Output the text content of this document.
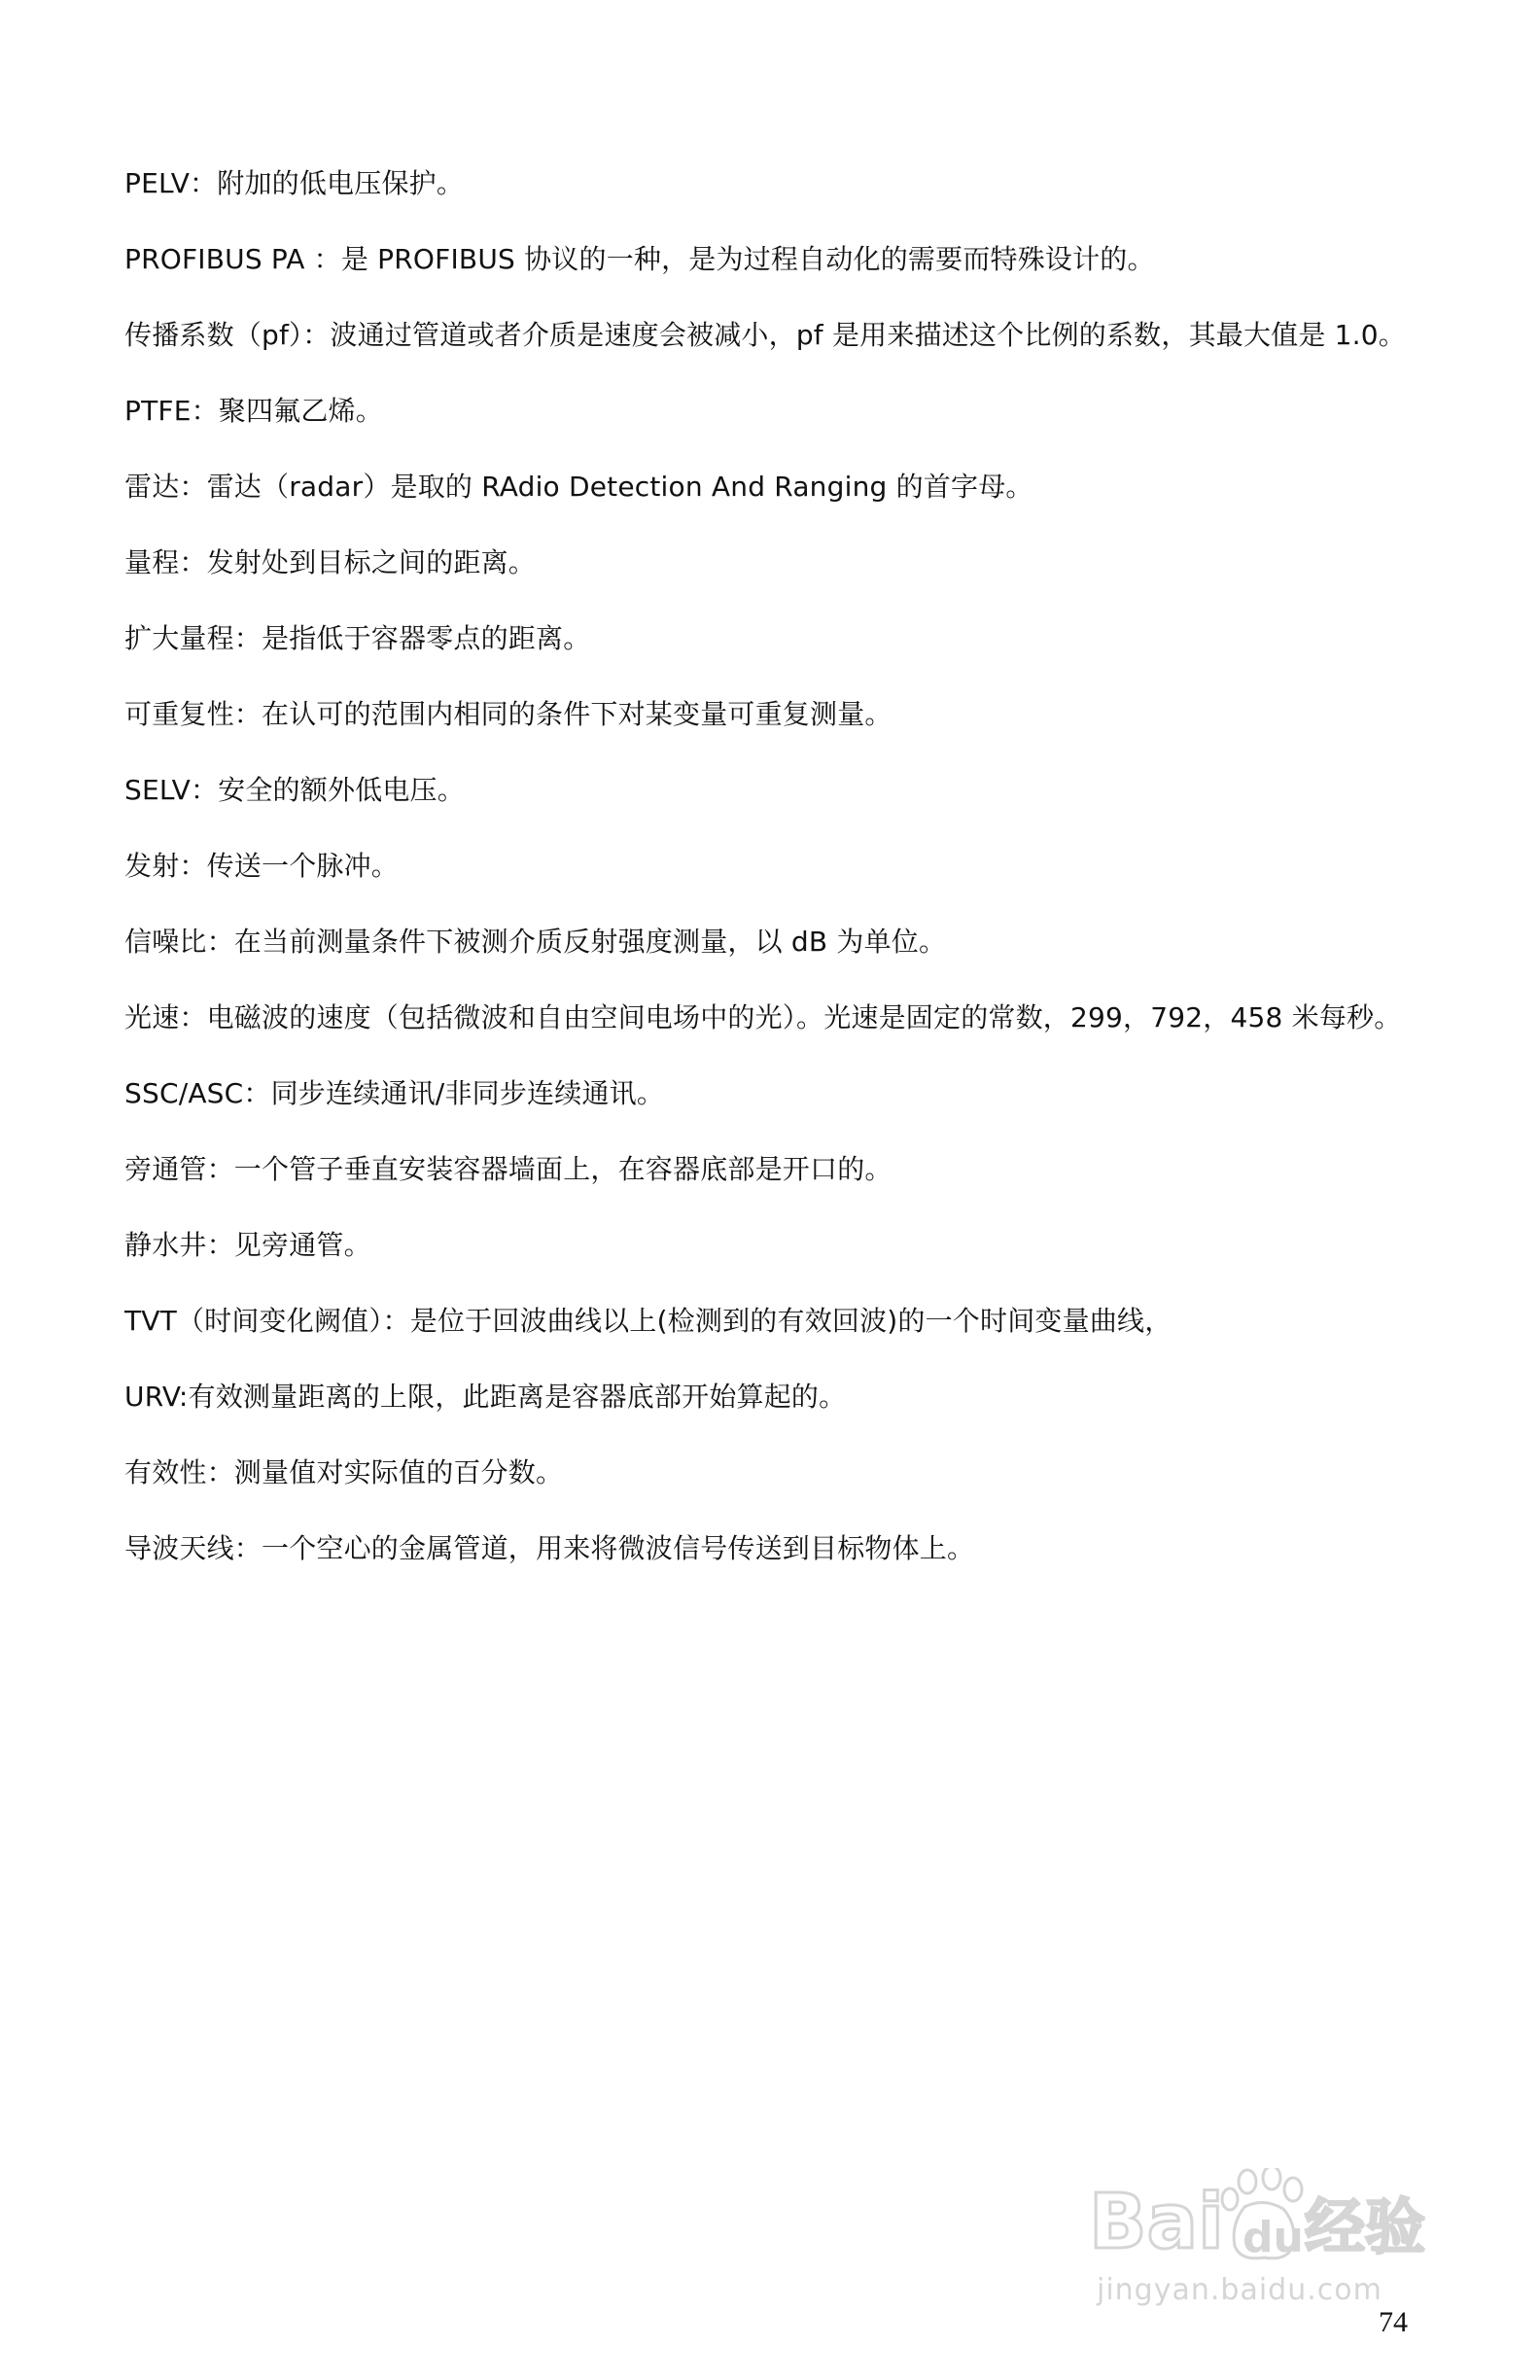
PELV：附加的低电压保护。
PROFIBUS PA ：是 PROFIBUS 协议的一种，是为过程自动化的需要而特殊设计的。
传播系数（pf）：波通过管道或者介质是速度会被减小，pf 是用来描述这个比例的系数，其最大值是 1.0。
PTFE：聚四氟乙烯。
雷达：雷达（radar）是取的 RAdio Detection And Ranging 的首字母。
量程：发射处到目标之间的距离。
扩大量程：是指低于容器零点的距离。
可重复性：在认可的范围内相同的条件下对某变量可重复测量。
SELV：安全的额外低电压。
发射：传送一个脉冲。
信噪比：在当前测量条件下被测介质反射强度测量，以 dB 为单位。
光速：电磁波的速度（包括微波和自由空间电场中的光）。光速是固定的常数，299，792，458 米每秒。
SSC/ASC：同步连续通讯/非同步连续通讯。
旁通管：一个管子垂直安装容器墙面上，在容器底部是开口的。
静水井：见旁通管。
TVT（时间变化阙值）：是位于回波曲线以上(检测到的有效回波)的一个时间变量曲线，
URV:有效测量距离的上限，此距离是容器底部开始算起的。
有效性：测量值对实际值的百分数。
导波天线：一个空心的金属管道，用来将微波信号传送到目标物体上。
Bai du 经验
jingyan.baidu.com
74
